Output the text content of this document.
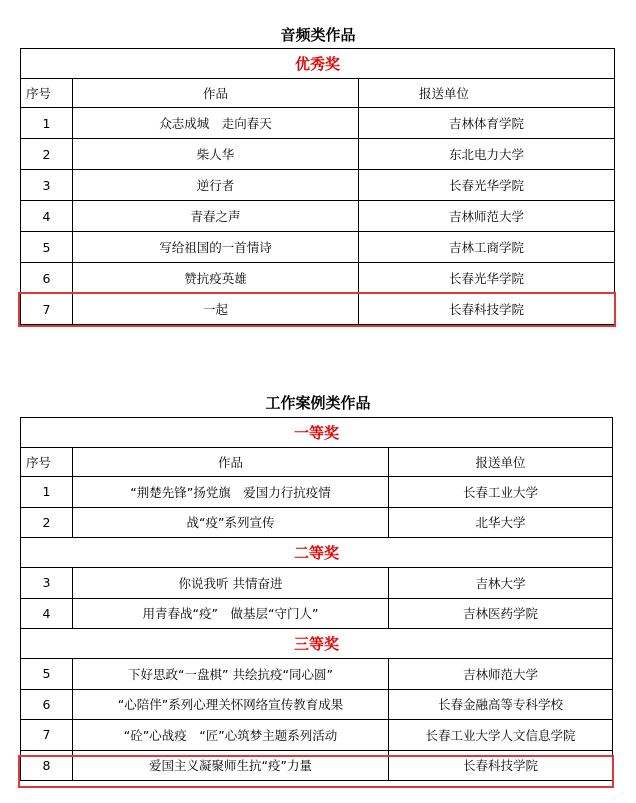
音频类作品
优秀奖		
序号	作品	报送单位
1	众志成城　走向春天	吉林体育学院
2	柴人华	东北电力大学
3	逆行者	长春光华学院
4	青春之声	吉林师范大学
5	写给祖国的一首情诗	吉林工商学院
6	赞抗疫英雄	长春光华学院
7	一起	长春科技学院
工作案例类作品
一等奖		
序号	作品	报送单位
1	“荆楚先锋”扬党旗　爱国力行抗疫情	长春工业大学
2	战“疫”系列宣传	北华大学
二等奖		
3	你说我听 共情奋进	吉林大学
4	用青春战“疫”　做基层“守门人”	吉林医药学院
三等奖		
5	下好思政“一盘棋” 共绘抗疫“同心圆”	吉林师范大学
6	“心陪伴”系列心理关怀网络宣传教育成果	长春金融高等专科学校
7	“砼”心战疫　“匠”心筑梦主题系列活动	长春工业大学人文信息学院
8	爱国主义凝聚师生抗“疫”力量	长春科技学院
